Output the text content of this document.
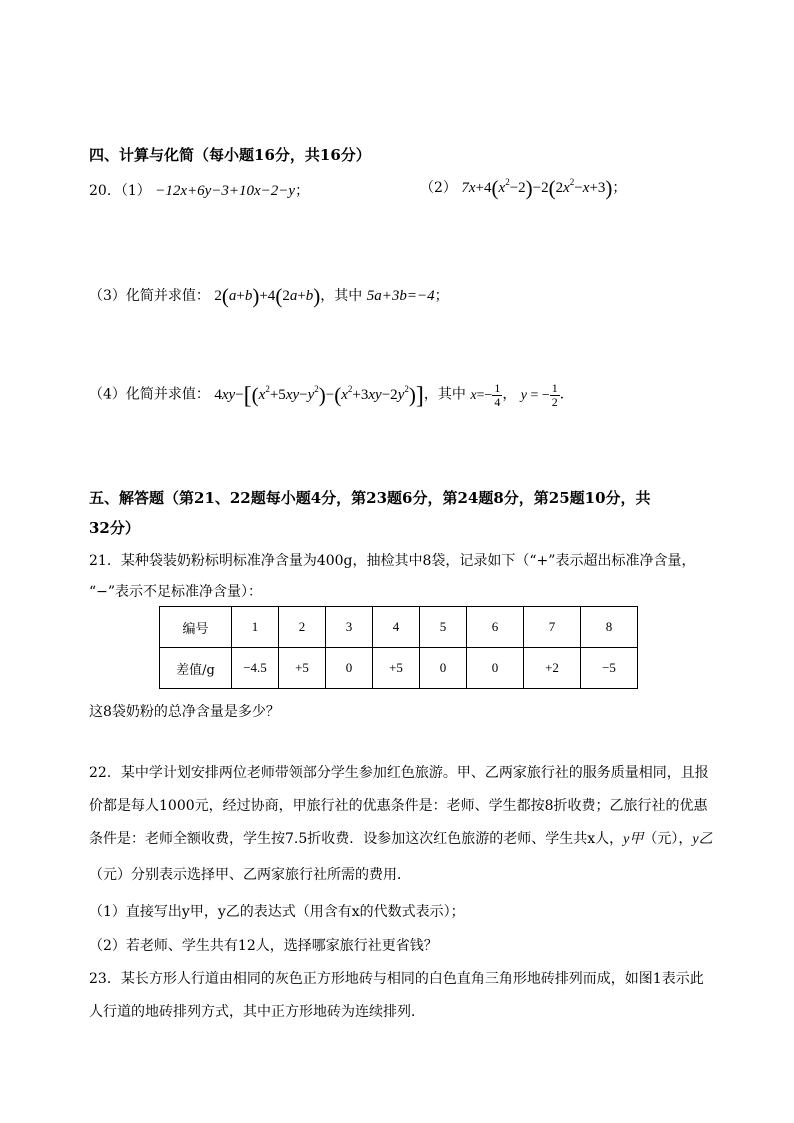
四、计算与化简（每小题16分，共16分）
20．（1） −12x+6y−3+10x−2−y；	（2） $7x+4(x^2-2)-2(2x^2-x+3)$；
（3）化简并求值： 2(a+b)+4(2a+b)，其中 5a+3b=−4；
（4）化简并求值： $4xy-[(x^2+5xy-y^2)-(x^2+3xy-2y^2)]$，其中 $x=- \frac{1}{4}$ ， y = − $\frac{1}{2}$ ．
五、解答题（第21、22题每小题4分，第23题6分，第24题8分，第25题10分，共
32分）
21．某种袋装奶粉标明标准净含量为400g，抽检其中8袋，记录如下（“+”表示超出标准净含量，
“−”表示不足标准净含量）：
编号	1	2	3	4	5	6	7	8
差值/g	−4.5	+5	0	+5	0	0	+2	−5
这8袋奶粉的总净含量是多少？
22．某中学计划安排两位老师带领部分学生参加红色旅游。甲、乙两家旅行社的服务质量相同，且报
价都是每人1000元，经过协商，甲旅行社的优惠条件是：老师、学生都按8折收费；乙旅行社的优惠
条件是：老师全额收费，学生按7.5折收费．设参加这次红色旅游的老师、学生共x人，y甲（元），y乙
（元）分别表示选择甲、乙两家旅行社所需的费用．
（1）直接写出y甲，y乙的表达式（用含有x的代数式表示）；
（2）若老师、学生共有12人，选择哪家旅行社更省钱？
23．某长方形人行道由相同的灰色正方形地砖与相同的白色直角三角形地砖排列而成，如图1表示此
人行道的地砖排列方式，其中正方形地砖为连续排列．
